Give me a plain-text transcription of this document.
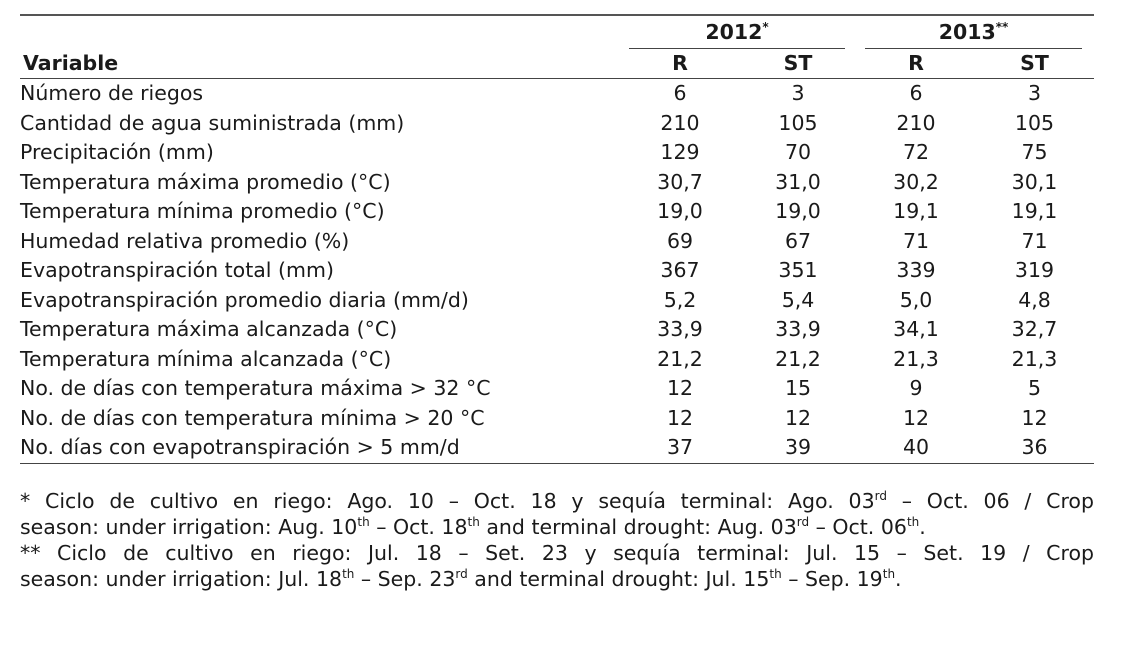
	2012*		2013**

Variable	R	ST	R	ST
Número de riegos	6	3	6	3
Cantidad de agua suministrada (mm)	210	105	210	105
Precipitación (mm)	129	70	72	75
Temperatura máxima promedio (°C)	30,7	31,0	30,2	30,1
Temperatura mínima promedio (°C)	19,0	19,0	19,1	19,1
Humedad relativa promedio (%)	69	67	71	71
Evapotranspiración total (mm)	367	351	339	319
Evapotranspiración promedio diaria (mm/d)	5,2	5,4	5,0	4,8
Temperatura máxima alcanzada (°C)	33,9	33,9	34,1	32,7
Temperatura mínima alcanzada (°C)	21,2	21,2	21,3	21,3
No. de días con temperatura máxima > 32 °C	12	15	9	5
No. de días con temperatura mínima > 20 °C	12	12	12	12
No. días con evapotranspiración > 5 mm/d	37	39	40	36

* Ciclo de cultivo en riego: Ago. 10 – Oct. 18 y sequía terminal: Ago. 03rd – Oct. 06 / Crop

season: under irrigation: Aug. 10th – Oct. 18th and terminal drought: Aug. 03rd – Oct. 06th.

** Ciclo de cultivo en riego: Jul. 18 – Set. 23 y sequía terminal: Jul. 15 – Set. 19 / Crop

season: under irrigation: Jul. 18th – Sep. 23rd and terminal drought: Jul. 15th – Sep. 19th.
